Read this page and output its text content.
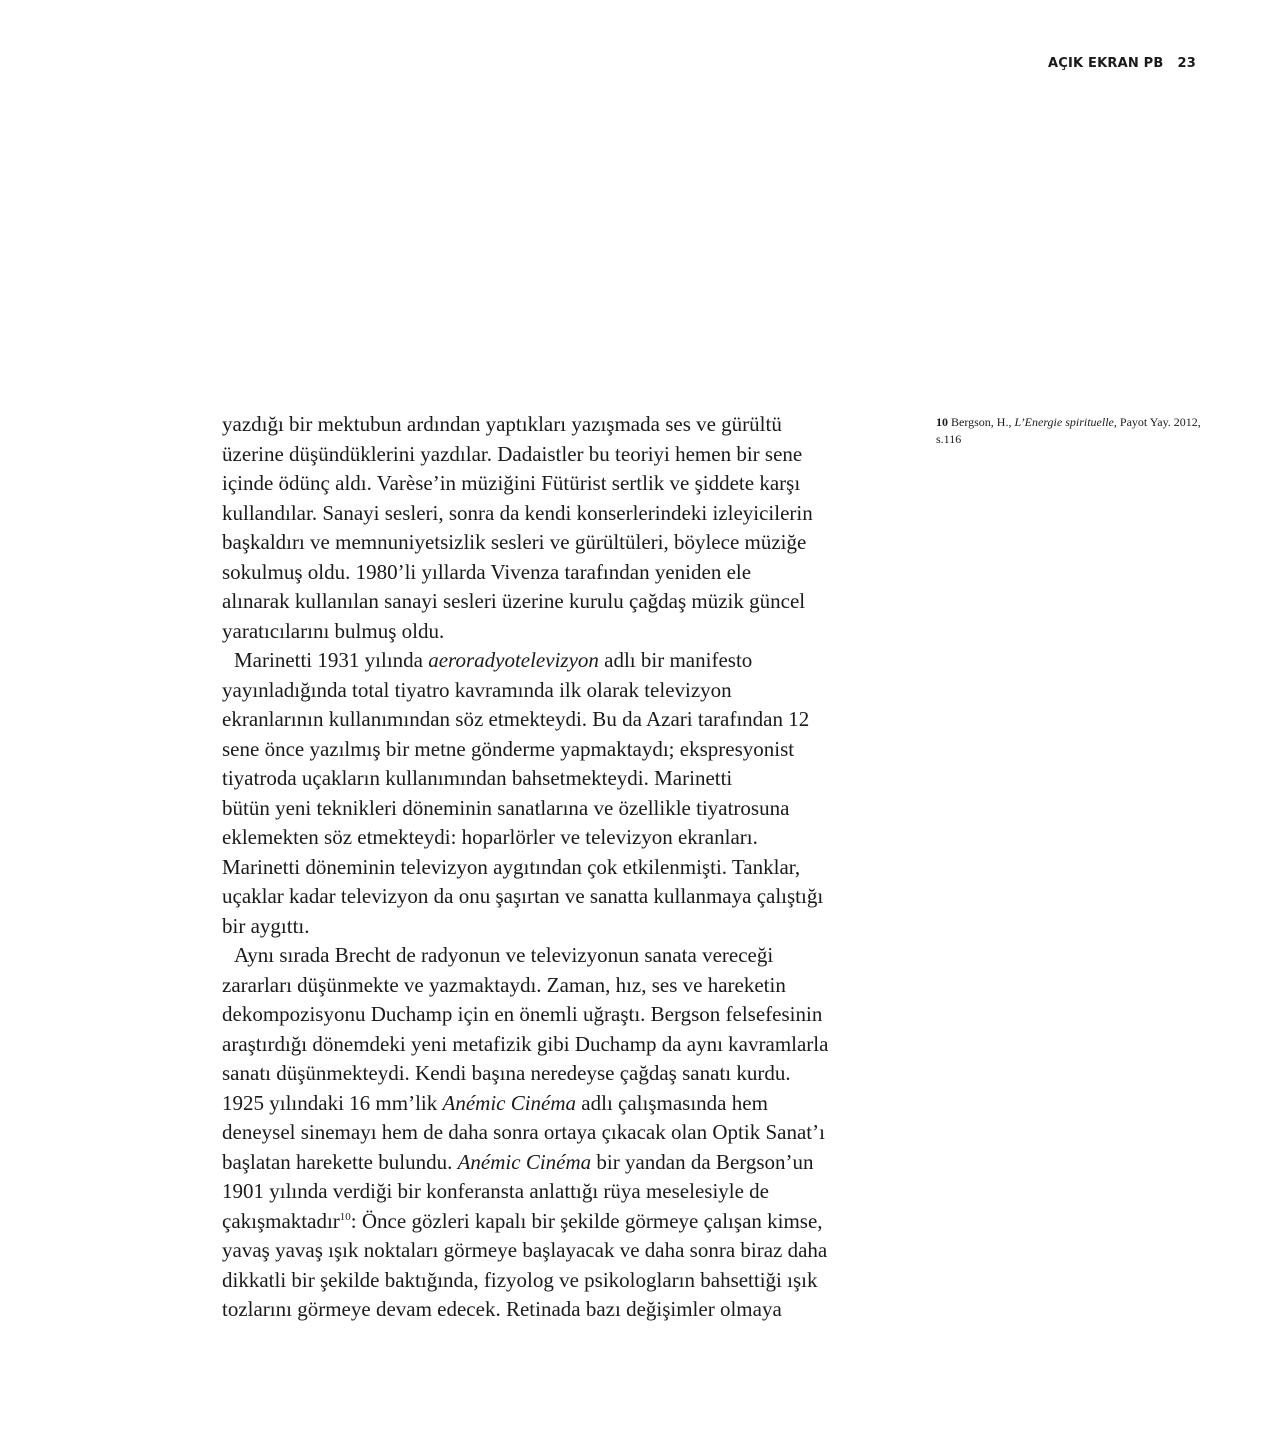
AÇIK EKRAN PB 23
yazdığı bir mektubun ardından yaptıkları yazışmada ses ve gürültü
üzerine düşündüklerini yazdılar. Dadaistler bu teoriyi hemen bir sene
içinde ödünç aldı. Varèse’in müziğini Fütürist sertlik ve şiddete karşı
kullandılar. Sanayi sesleri, sonra da kendi konserlerindeki izleyicilerin
başkaldırı ve memnuniyetsizlik sesleri ve gürültüleri, böylece müziğe
sokulmuş oldu. 1980’li yıllarda Vivenza tarafından yeniden ele
alınarak kullanılan sanayi sesleri üzerine kurulu çağdaş müzik güncel
yaratıcılarını bulmuş oldu.
Marinetti 1931 yılında aeroradyotelevizyon adlı bir manifesto
yayınladığında total tiyatro kavramında ilk olarak televizyon
ekranlarının kullanımından söz etmekteydi. Bu da Azari tarafından 12
sene önce yazılmış bir metne gönderme yapmaktaydı; ekspresyonist
tiyatroda uçakların kullanımından bahsetmekteydi. Marinetti
bütün yeni teknikleri döneminin sanatlarına ve özellikle tiyatrosuna
eklemekten söz etmekteydi: hoparlörler ve televizyon ekranları.
Marinetti döneminin televizyon aygıtından çok etkilenmişti. Tanklar,
uçaklar kadar televizyon da onu şaşırtan ve sanatta kullanmaya çalıştığı
bir aygıttı.
Aynı sırada Brecht de radyonun ve televizyonun sanata vereceği
zararları düşünmekte ve yazmaktaydı. Zaman, hız, ses ve hareketin
dekompozisyonu Duchamp için en önemli uğraştı. Bergson felsefesinin
araştırdığı dönemdeki yeni metafizik gibi Duchamp da aynı kavramlarla
sanatı düşünmekteydi. Kendi başına neredeyse çağdaş sanatı kurdu.
1925 yılındaki 16 mm’lik Anémic Cinéma adlı çalışmasında hem
deneysel sinemayı hem de daha sonra ortaya çıkacak olan Optik Sanat’ı
başlatan harekette bulundu. Anémic Cinéma bir yandan da Bergson’un
1901 yılında verdiği bir konferansta anlattığı rüya meselesiyle de
çakışmaktadır$^{10}$: Önce gözleri kapalı bir şekilde görmeye çalışan kimse,
yavaş yavaş ışık noktaları görmeye başlayacak ve daha sonra biraz daha
dikkatli bir şekilde baktığında, fizyolog ve psikologların bahsettiği ışık
tozlarını görmeye devam edecek. Retinada bazı değişimler olmaya
10 Bergson, H., L’Energie spirituelle, Payot Yay. 2012,
s.116
